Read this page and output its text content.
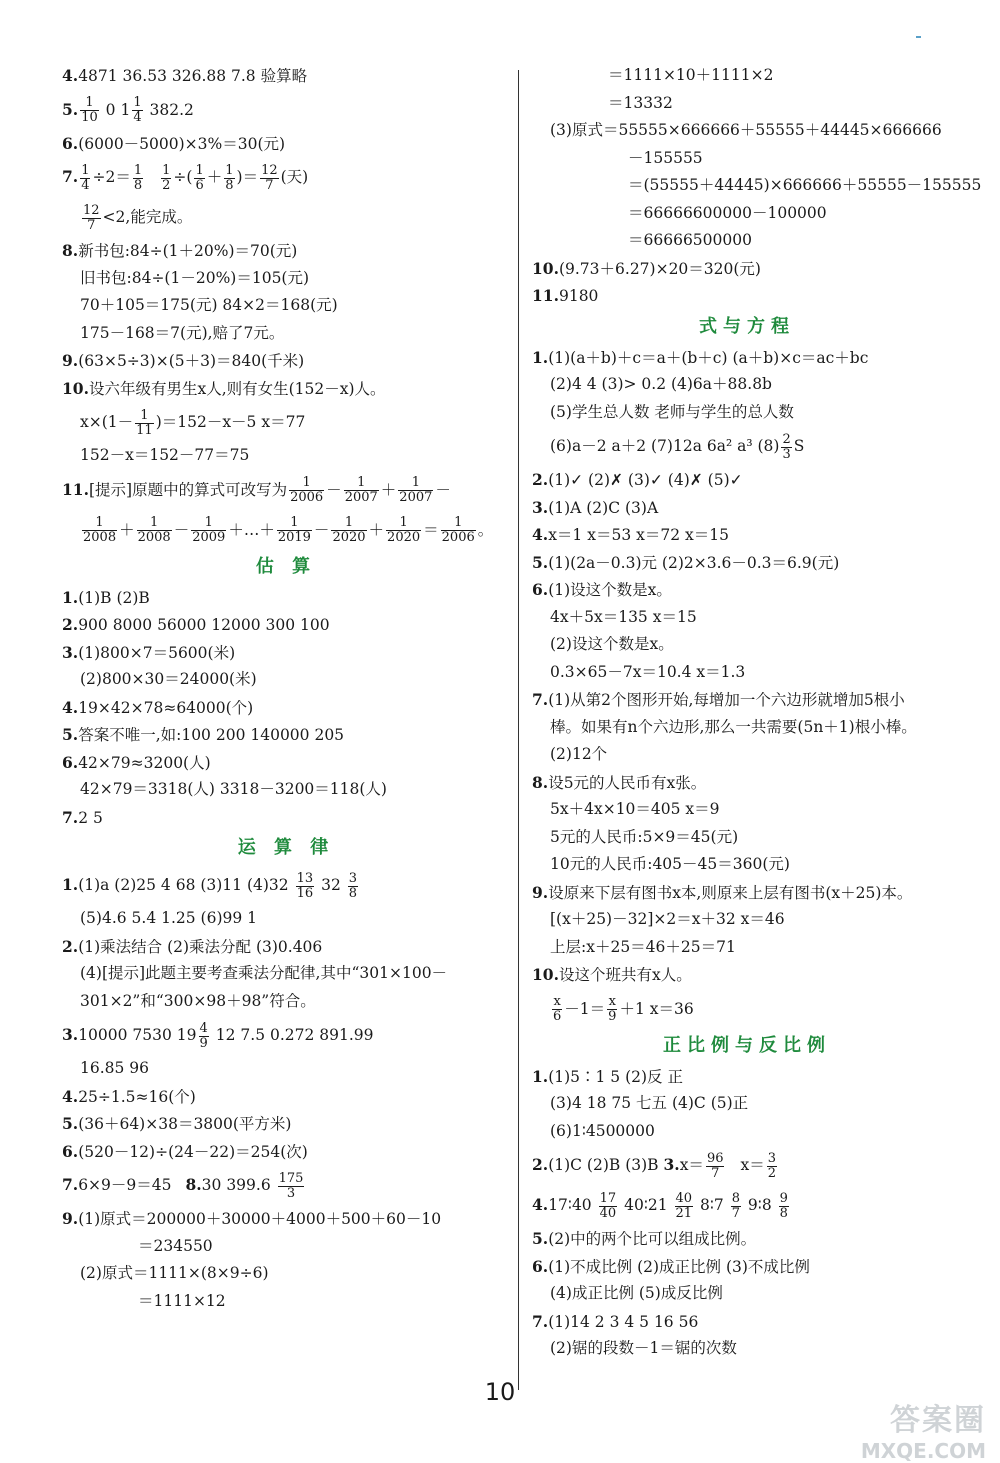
4.4871 36.53 326.88 7.8 验算略
5. $\frac{1}{10} 0$ $1 \frac{1}{4} 382.2$
6.(6000－5000)×3%＝30(元)
7. $\frac{1}{4} \div 2= \frac{1}{8} \frac{1}{2}$ ÷( $\frac{1}{6} + \frac{1}{8}$ )＝ $\frac{12}{7}$ (天)
$\frac{12}{7} <2$,能完成。
8.新书包:84÷(1＋20%)＝70(元)
旧书包:84÷(1－20%)＝105(元)
70＋105＝175(元) 84×2＝168(元)
175－168＝7(元),赔了7元。
9.(63×5÷3)×(5＋3)＝840(千米)
10.设六年级有男生x人,则有女生(152－x)人。
$x\times(1- \frac{1}{11} )=152-x-5$ x＝77
152－x＝152－77＝75
11.[提示]原题中的算式可改写为 $\frac{1}{2006} - \frac{1}{2007} + \frac{1}{2007}$ －
$\frac{1}{2008} + \frac{1}{2008} - \frac{1}{2009}$ ＋…＋ $\frac{1}{2019} - \frac{1}{2020} + \frac{1}{2020} = \frac{1}{2006}$ 。
估 算
1.(1)B (2)B
2.900 8000 56000 12000 300 100
3.(1)800×7＝5600(米)
(2)800×30＝24000(米)
4.19×42×78≈64000(个)
5.答案不唯一,如:100 200 140000 205
6.42×79≈3200(人)
42×79＝3318(人) 3318－3200＝118(人)
7.2 5
运 算 律
1.(1)a (2)25 4 68 (3)11 $(4)32 \frac{13}{16} 32 \frac{3}{8}$
(5)4.6 5.4 1.25 (6)99 1
2.(1)乘法结合 (2)乘法分配 (3)0.406
(4)[提示]此题主要考查乘法分配律,其中“301×100－
301×2”和“300×98＋98”符合。
3.10000 7530 $19 \frac{4}{9} 12$ 7.5 0.272 891.99
16.85 96
4.25÷1.5≈16(个)
5.(36＋64)×38＝3800(平方米)
6.(520－12)÷(24－22)＝254(次)
7.6×9－9＝45 8.30 $399.6 \frac{175}{3}$
9.(1)原式＝200000＋30000＋4000＋500＋60－10
＝234550
(2)原式＝1111×(8×9÷6)
＝1111×12
＝1111×10＋1111×2
＝13332
(3)原式＝55555×666666＋55555＋44445×666666
－155555
＝(55555＋44445)×666666＋55555－155555
＝66666600000－100000
＝66666500000
10.(9.73＋6.27)×20＝320(元)
11.9180
式与方程
1.(1)(a＋b)＋c＝a＋(b＋c) (a＋b)×c＝ac＋bc
(2)4 4 (3)> 0.2 (4)6a＋88.8b
(5)学生总人数 老师与学生的总人数
(6)a－2 a＋2 (7)12a 6a² a³ $(8) \frac{2}{3}$ S
2.(1)✓ (2)✗ (3)✓ (4)✗ (5)✓
3.(1)A (2)C (3)A
4.x＝1 x＝53 x＝72 x＝15
5.(1)(2a－0.3)元 (2)2×3.6－0.3＝6.9(元)
6.(1)设这个数是x。
4x＋5x＝135 x＝15
(2)设这个数是x。
0.3×65－7x＝10.4 x＝1.3
7.(1)从第2个图形开始,每增加一个六边形就增加5根小
棒。如果有n个六边形,那么一共需要(5n＋1)根小棒。
(2)12个
8.设5元的人民币有x张。
5x＋4x×10＝405 x＝9
5元的人民币:5×9＝45(元)
10元的人民币:405－45＝360(元)
9.设原来下层有图书x本,则原来上层有图书(x＋25)本。
[(x＋25)－32]×2＝x＋32 x＝46
上层:x＋25＝46＋25＝71
10.设这个班共有x人。
$\frac{x}{6} -1= \frac{x}{9} +1$ x＝36
正比例与反比例
1.(1)5∶1 5 (2)反 正
(3)4 18 75 七五 (4)C (5)正
(6)1∶4500000
2.(1)C (2)B (3)B $3.x= \frac{96}{7} x= \frac{3}{2}$
4.17∶40 $\frac{17}{40}$ 40∶21 $\frac{40}{21}$ 8∶7 $\frac{8}{7}$ 9∶8 $\frac{9}{8}$
5.(2)中的两个比可以组成比例。
6.(1)不成比例 (2)成正比例 (3)不成比例
(4)成正比例 (5)成反比例
7.(1)14 2 3 4 5 16 56
(2)锯的段数－1＝锯的次数
10
答案圈
MXQE.COM
